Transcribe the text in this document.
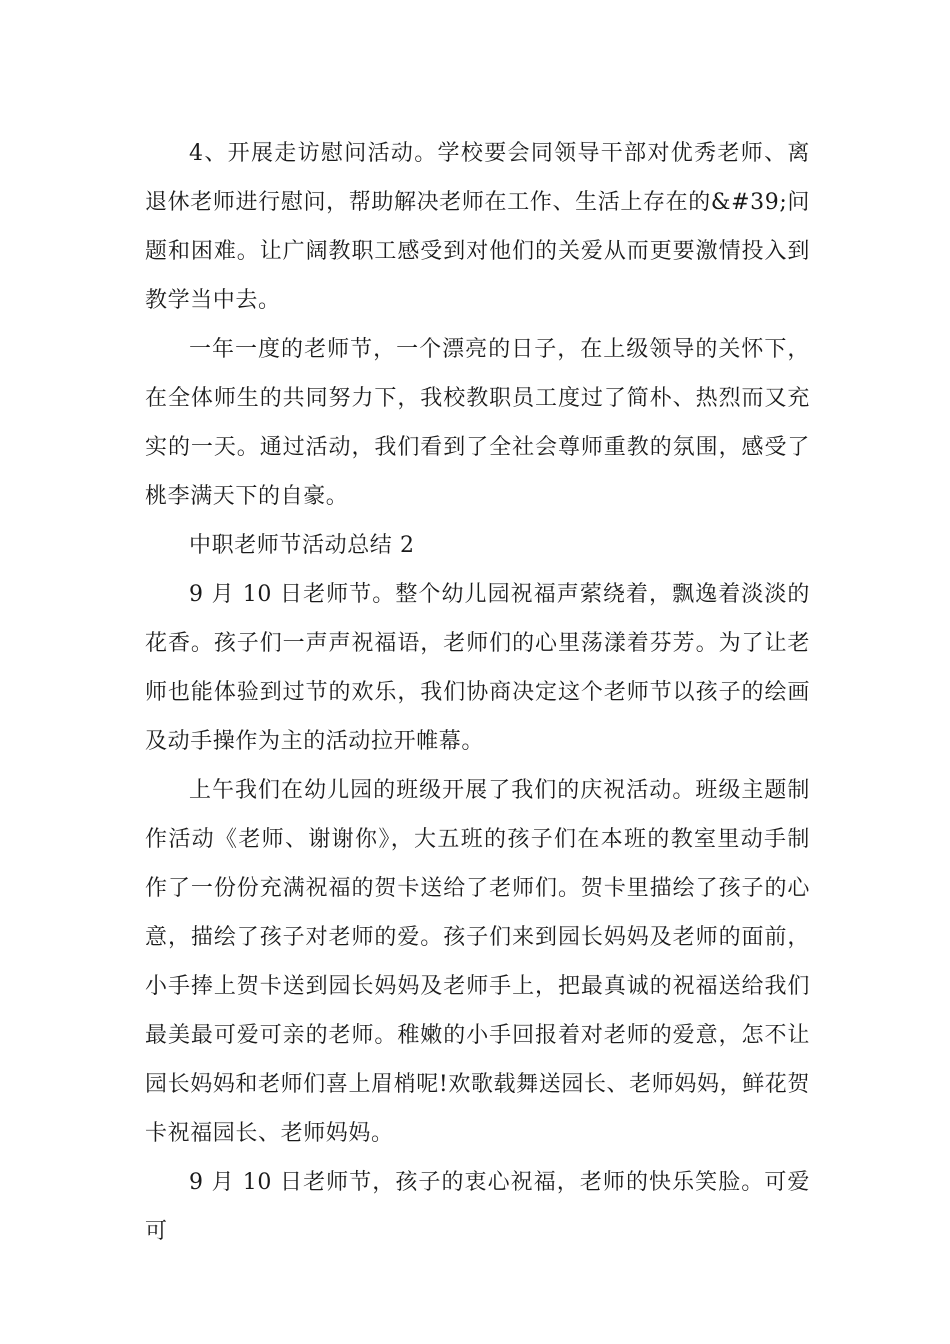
4、开展走访慰问活动。学校要会同领导干部对优秀老师、离退休老师进行慰问，帮助解决老师在工作、生活上存在的&#39;问题和困难。让广阔教职工感受到对他们的关爱从而更要激情投入到教学当中去。

一年一度的老师节，一个漂亮的日子，在上级领导的关怀下，在全体师生的共同努力下，我校教职员工度过了简朴、热烈而又充实的一天。通过活动，我们看到了全社会尊师重教的氛围，感受了桃李满天下的自豪。

中职老师节活动总结 2

9 月 10 日老师节。整个幼儿园祝福声萦绕着，飘逸着淡淡的花香。孩子们一声声祝福语，老师们的心里荡漾着芬芳。为了让老师也能体验到过节的欢乐，我们协商决定这个老师节以孩子的绘画及动手操作为主的活动拉开帷幕。

上午我们在幼儿园的班级开展了我们的庆祝活动。班级主题制作活动《老师、谢谢你》，大五班的孩子们在本班的教室里动手制作了一份份充满祝福的贺卡送给了老师们。贺卡里描绘了孩子的心意，描绘了孩子对老师的爱。孩子们来到园长妈妈及老师的面前，小手捧上贺卡送到园长妈妈及老师手上，把最真诚的祝福送给我们最美最可爱可亲的老师。稚嫩的小手回报着对老师的爱意，怎不让园长妈妈和老师们喜上眉梢呢!欢歌载舞送园长、老师妈妈，鲜花贺卡祝福园长、老师妈妈。

9 月 10 日老师节，孩子的衷心祝福，老师的快乐笑脸。可爱可
